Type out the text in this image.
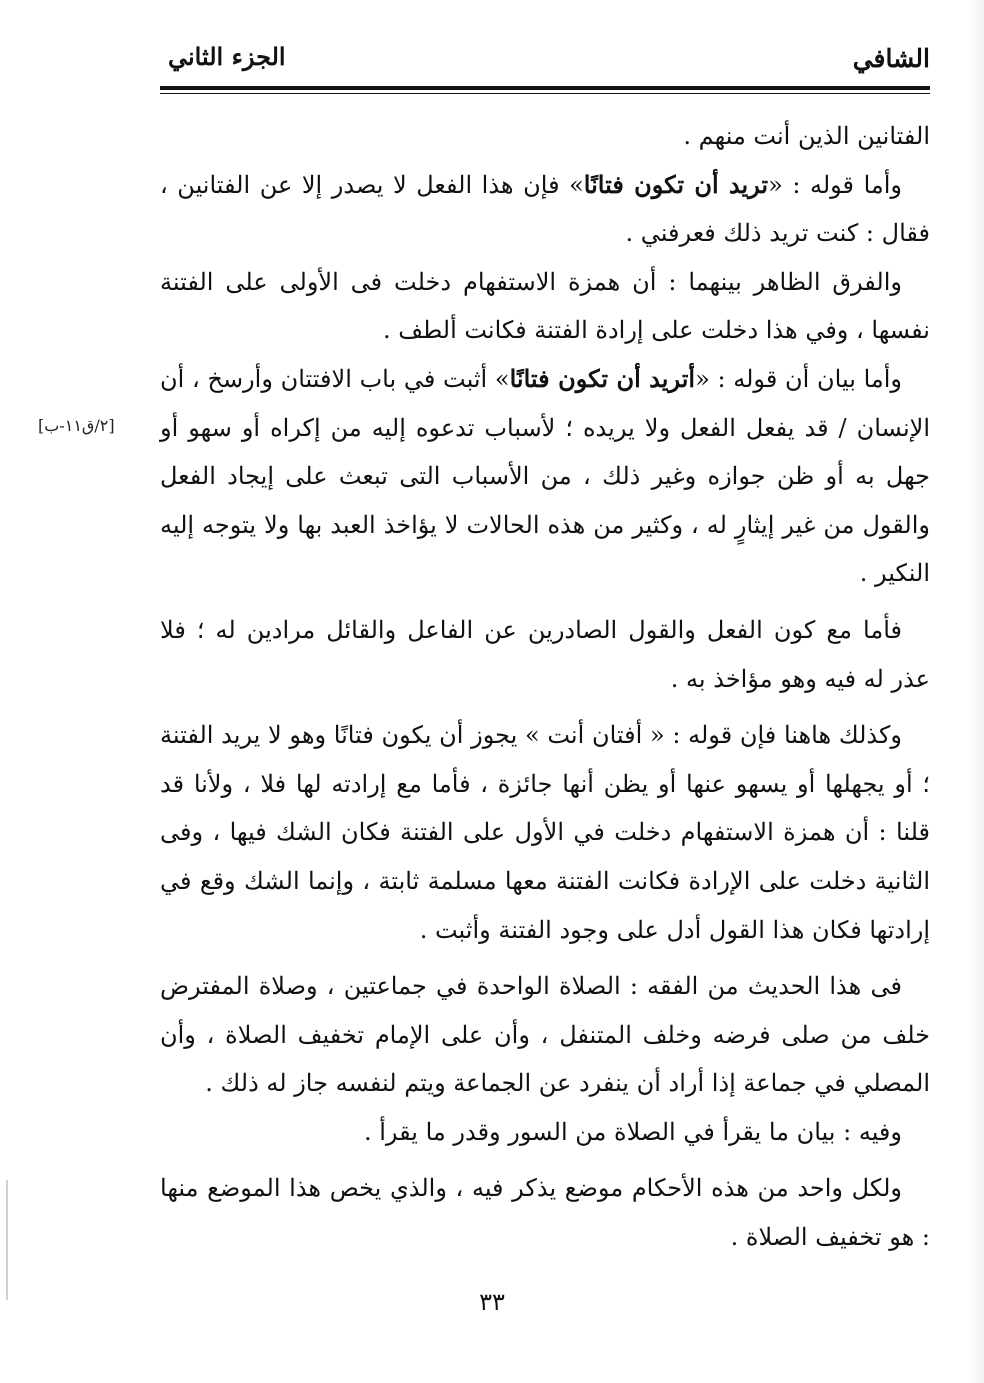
الشافي
الجزء الثاني
[٢/ق١١-ب]

الفتانين الذين أنت منهم .

وأما قوله : «تريد أن تكون فتانًا» فإن هذا الفعل لا يصدر إلا عن الفتانين ، فقال : كنت تريد ذلك فعرفني .

والفرق الظاهر بينهما : أن همزة الاستفهام دخلت فى الأولى على الفتنة نفسها ، وفي هذا دخلت على إرادة الفتنة فكانت ألطف .

وأما بيان أن قوله : «أتريد أن تكون فتانًا» أثبت في باب الافتتان وأرسخ ، أن الإنسان / قد يفعل الفعل ولا يريده ؛ لأسباب تدعوه إليه من إكراه أو سهو أو جهل به أو ظن جوازه وغير ذلك ، من الأسباب التى تبعث على إيجاد الفعل والقول من غير إيثارٍ له ، وكثير من هذه الحالات لا يؤاخذ العبد بها ولا يتوجه إليه النكير .

فأما مع كون الفعل والقول الصادرين عن الفاعل والقائل مرادين له ؛ فلا عذر له فيه وهو مؤاخذ به .

وكذلك هاهنا فإن قوله : « أفتان أنت » يجوز أن يكون فتانًا وهو لا يريد الفتنة ؛ أو يجهلها أو يسهو عنها أو يظن أنها جائزة ، فأما مع إرادته لها فلا ، ولأنا قد قلنا : أن همزة الاستفهام دخلت في الأول على الفتنة فكان الشك فيها ، وفى الثانية دخلت على الإرادة فكانت الفتنة معها مسلمة ثابتة ، وإنما الشك وقع في إرادتها فكان هذا القول أدل على وجود الفتنة وأثبت .

فى هذا الحديث من الفقه : الصلاة الواحدة في جماعتين ، وصلاة المفترض خلف من صلى فرضه وخلف المتنفل ، وأن على الإمام تخفيف الصلاة ، وأن المصلي في جماعة إذا أراد أن ينفرد عن الجماعة ويتم لنفسه جاز له ذلك .

وفيه : بيان ما يقرأ في الصلاة من السور وقدر ما يقرأ .

ولكل واحد من هذه الأحكام موضع يذكر فيه ، والذي يخص هذا الموضع منها : هو تخفيف الصلاة .

٣٣
